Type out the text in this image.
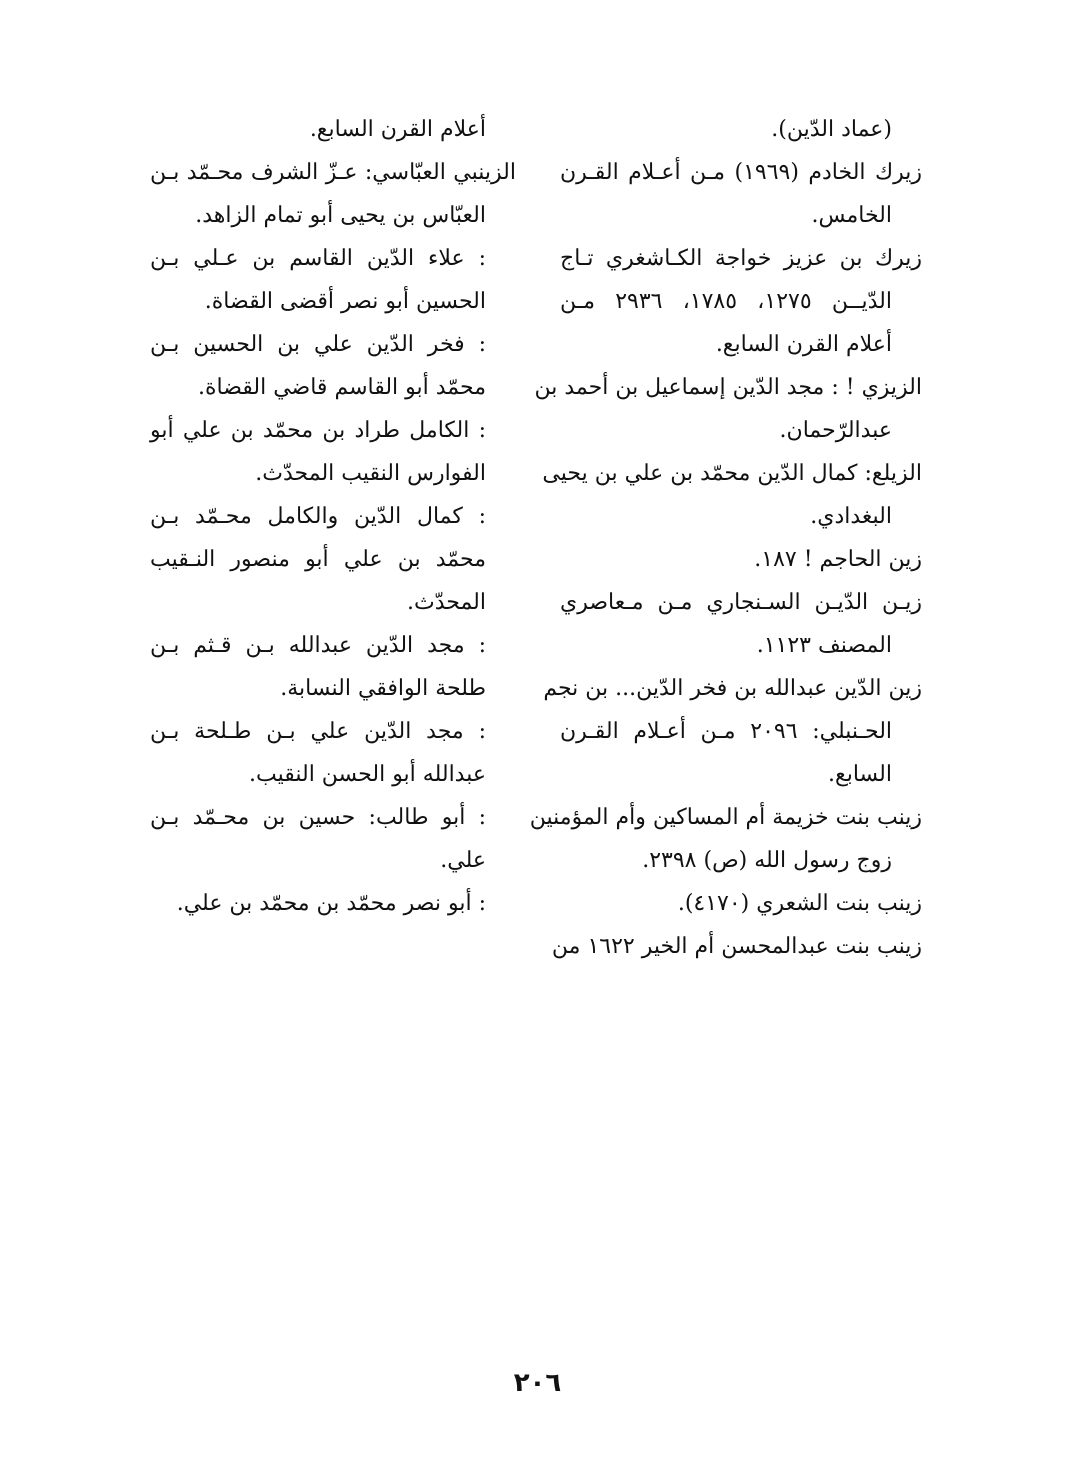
(عماد الدّين).
زيرك الخادم (١٩٦٩) مـن أعـلام القـرن
الخامس.
زيرك بن عزيز خواجة الكـاشغري تـاج
الدّيــن ١٢٧٥، ١٧٨٥، ٢٩٣٦ مـن
أعلام القرن السابع.
الزيزي ! : مجد الدّين إسماعيل بن أحمد بن
عبدالرّحمان.
الزيلع: كمال الدّين محمّد بن علي بن يحيى
البغدادي.
زين الحاجم ! ١٨٧.
زيـن الدّيـن السـنجاري مـن مـعاصري
المصنف ١١٢٣.
زين الدّين عبدالله بن فخر الدّين... بن نجم
الحـنبلي: ٢٠٩٦ مـن أعـلام القـرن
السابع.
زينب بنت خزيمة أم المساكين وأم المؤمنين
زوج رسول الله (ص) ٢٣٩٨.
زينب بنت الشعري (٤١٧٠).
زينب بنت عبدالمحسن أم الخير ١٦٢٢ من
أعلام القرن السابع.
الزينبي العبّاسي: عـزّ الشرف محـمّد بـن
العبّاس بن يحيى أبو تمام الزاهد.
: علاء الدّين القاسم بن عـلي بـن
الحسين أبو نصر أقضى القضاة.
: فخر الدّين علي بن الحسين بـن
محمّد أبو القاسم قاضي القضاة.
: الكامل طراد بن محمّد بن علي أبو
الفوارس النقيب المحدّث.
: كمال الدّين والكامل محـمّد بـن
محمّد بن علي أبو منصور النـقيب
المحدّث.
: مجد الدّين عبدالله بـن قـثم بـن
طلحة الوافقي النسابة.
: مجد الدّين علي بـن طـلحة بـن
عبدالله أبو الحسن النقيب.
: أبو طالب: حسين بن محـمّد بـن
علي.
: أبو نصر محمّد بن محمّد بن علي.
٢٠٦
